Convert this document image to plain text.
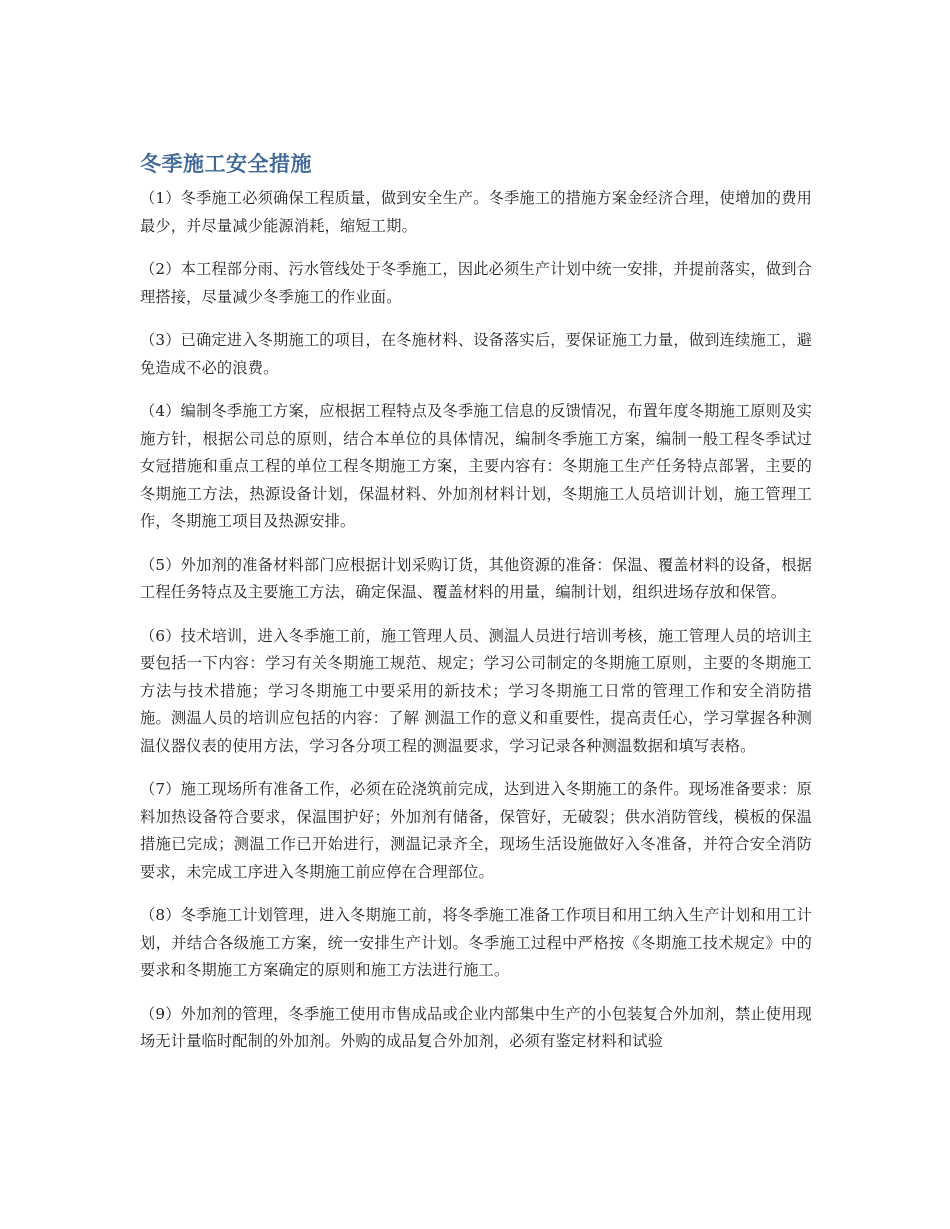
冬季施工安全措施

（1）冬季施工必须确保工程质量，做到安全生产。冬季施工的措施方案金经济合理，使增加的费用最少，并尽量减少能源消耗，缩短工期。

（2）本工程部分雨、污水管线处于冬季施工，因此必须生产计划中统一安排，并提前落实，做到合理搭接，尽量减少冬季施工的作业面。

（3）已确定进入冬期施工的项目，在冬施材料、设备落实后，要保证施工力量，做到连续施工，避免造成不必的浪费。

（4）编制冬季施工方案，应根据工程特点及冬季施工信息的反馈情况，布置年度冬期施工原则及实施方针，根据公司总的原则，结合本单位的具体情况，编制冬季施工方案，编制一般工程冬季试过女冠措施和重点工程的单位工程冬期施工方案，主要内容有：冬期施工生产任务特点部署，主要的冬期施工方法，热源设备计划，保温材料、外加剂材料计划，冬期施工人员培训计划，施工管理工作，冬期施工项目及热源安排。

（5）外加剂的准备材料部门应根据计划采购订货，其他资源的准备：保温、覆盖材料的设备，根据工程任务特点及主要施工方法，确定保温、覆盖材料的用量，编制计划，组织进场存放和保管。

（6）技术培训，进入冬季施工前，施工管理人员、测温人员进行培训考核，施工管理人员的培训主要包括一下内容：学习有关冬期施工规范、规定；学习公司制定的冬期施工原则，主要的冬期施工方法与技术措施；学习冬期施工中要采用的新技术；学习冬期施工日常的管理工作和安全消防措施。测温人员的培训应包括的内容：了解 测温工作的意义和重要性，提高责任心，学习掌握各种测温仪器仪表的使用方法，学习各分项工程的测温要求，学习记录各种测温数据和填写表格。

（7）施工现场所有准备工作，必须在砼浇筑前完成，达到进入冬期施工的条件。现场准备要求：原料加热设备符合要求，保温围护好；外加剂有储备，保管好，无破裂；供水消防管线，模板的保温措施已完成；测温工作已开始进行，测温记录齐全，现场生活设施做好入冬准备，并符合安全消防要求，未完成工序进入冬期施工前应停在合理部位。

（8）冬季施工计划管理，进入冬期施工前，将冬季施工准备工作项目和用工纳入生产计划和用工计划，并结合各级施工方案，统一安排生产计划。冬季施工过程中严格按《冬期施工技术规定》中的要求和冬期施工方案确定的原则和施工方法进行施工。

（9）外加剂的管理，冬季施工使用市售成品或企业内部集中生产的小包装复合外加剂，禁止使用现场无计量临时配制的外加剂。外购的成品复合外加剂，必须有鉴定材料和试验
